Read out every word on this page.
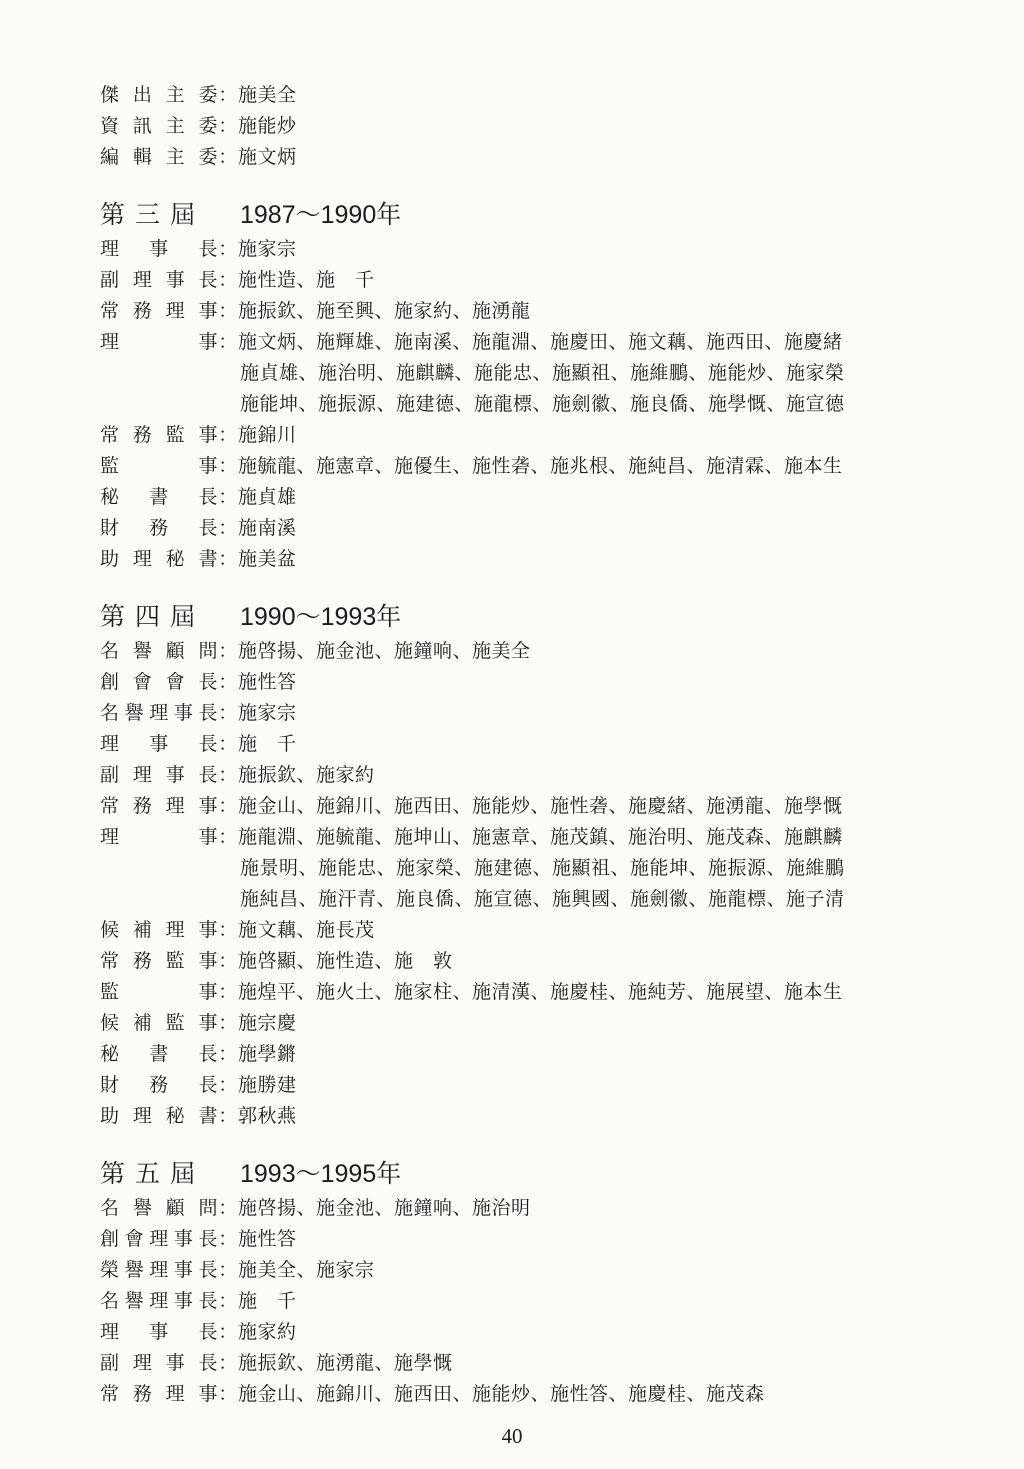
傑 出 主 委 ： 施美全
資 訊 主 委 ： 施能炒
編 輯 主 委 ： 施文炳
第三屆	1987～1990年
理 事 長 ： 施家宗
副 理 事 長 ： 施性造、施　千
常 務 理 事 ： 施振欽、施至興、施家約、施湧龍
理	事 ： 施文炳、施輝雄、施南溪、施龍淵、施慶田、施文藕、施西田、施慶緒
施貞雄、施治明、施麒麟、施能忠、施顯祖、施維鵬、施能炒、施家榮
施能坤、施振源、施建德、施龍標、施劍徽、施良僑、施學慨、施宣德
常 務 監 事 ： 施錦川
監	事 ： 施毓龍、施憲章、施優生、施性砻、施兆根、施純昌、施清霖、施本生
秘 書 長 ： 施貞雄
財 務 長 ： 施南溪
助 理 秘 書 ： 施美盆
第四屆	1990～1993年
名 譽 顧 問 ： 施啓揚、施金池、施鐘响、施美全
創 會 會 長 ： 施性答
名 譽 理 事 長 ： 施家宗
理 事 長 ： 施　千
副 理 事 長 ： 施振欽、施家約
常 務 理 事 ： 施金山、施錦川、施西田、施能炒、施性砻、施慶緒、施湧龍、施學慨
理	事 ： 施龍淵、施毓龍、施坤山、施憲章、施茂鎮、施治明、施茂森、施麒麟
施景明、施能忠、施家榮、施建德、施顯祖、施能坤、施振源、施維鵬
施純昌、施汗青、施良僑、施宣德、施興國、施劍徽、施龍標、施子清
候 補 理 事 ： 施文藕、施長茂
常 務 監 事 ： 施啓顯、施性造、施　敦
監	事 ： 施煌平、施火土、施家柱、施清漢、施慶桂、施純芳、施展望、施本生
候 補 監 事 ： 施宗慶
秘 書 長 ： 施學鏘
財 務 長 ： 施勝建
助 理 秘 書 ： 郭秋燕
第五屆	1993～1995年
名 譽 顧 問 ： 施啓揚、施金池、施鐘响、施治明
創 會 理 事 長 ： 施性答
榮 譽 理 事 長 ： 施美全、施家宗
名 譽 理 事 長 ： 施　千
理 事 長 ： 施家約
副 理 事 長 ： 施振欽、施湧龍、施學慨
常 務 理 事 ： 施金山、施錦川、施西田、施能炒、施性答、施慶桂、施茂森
40
